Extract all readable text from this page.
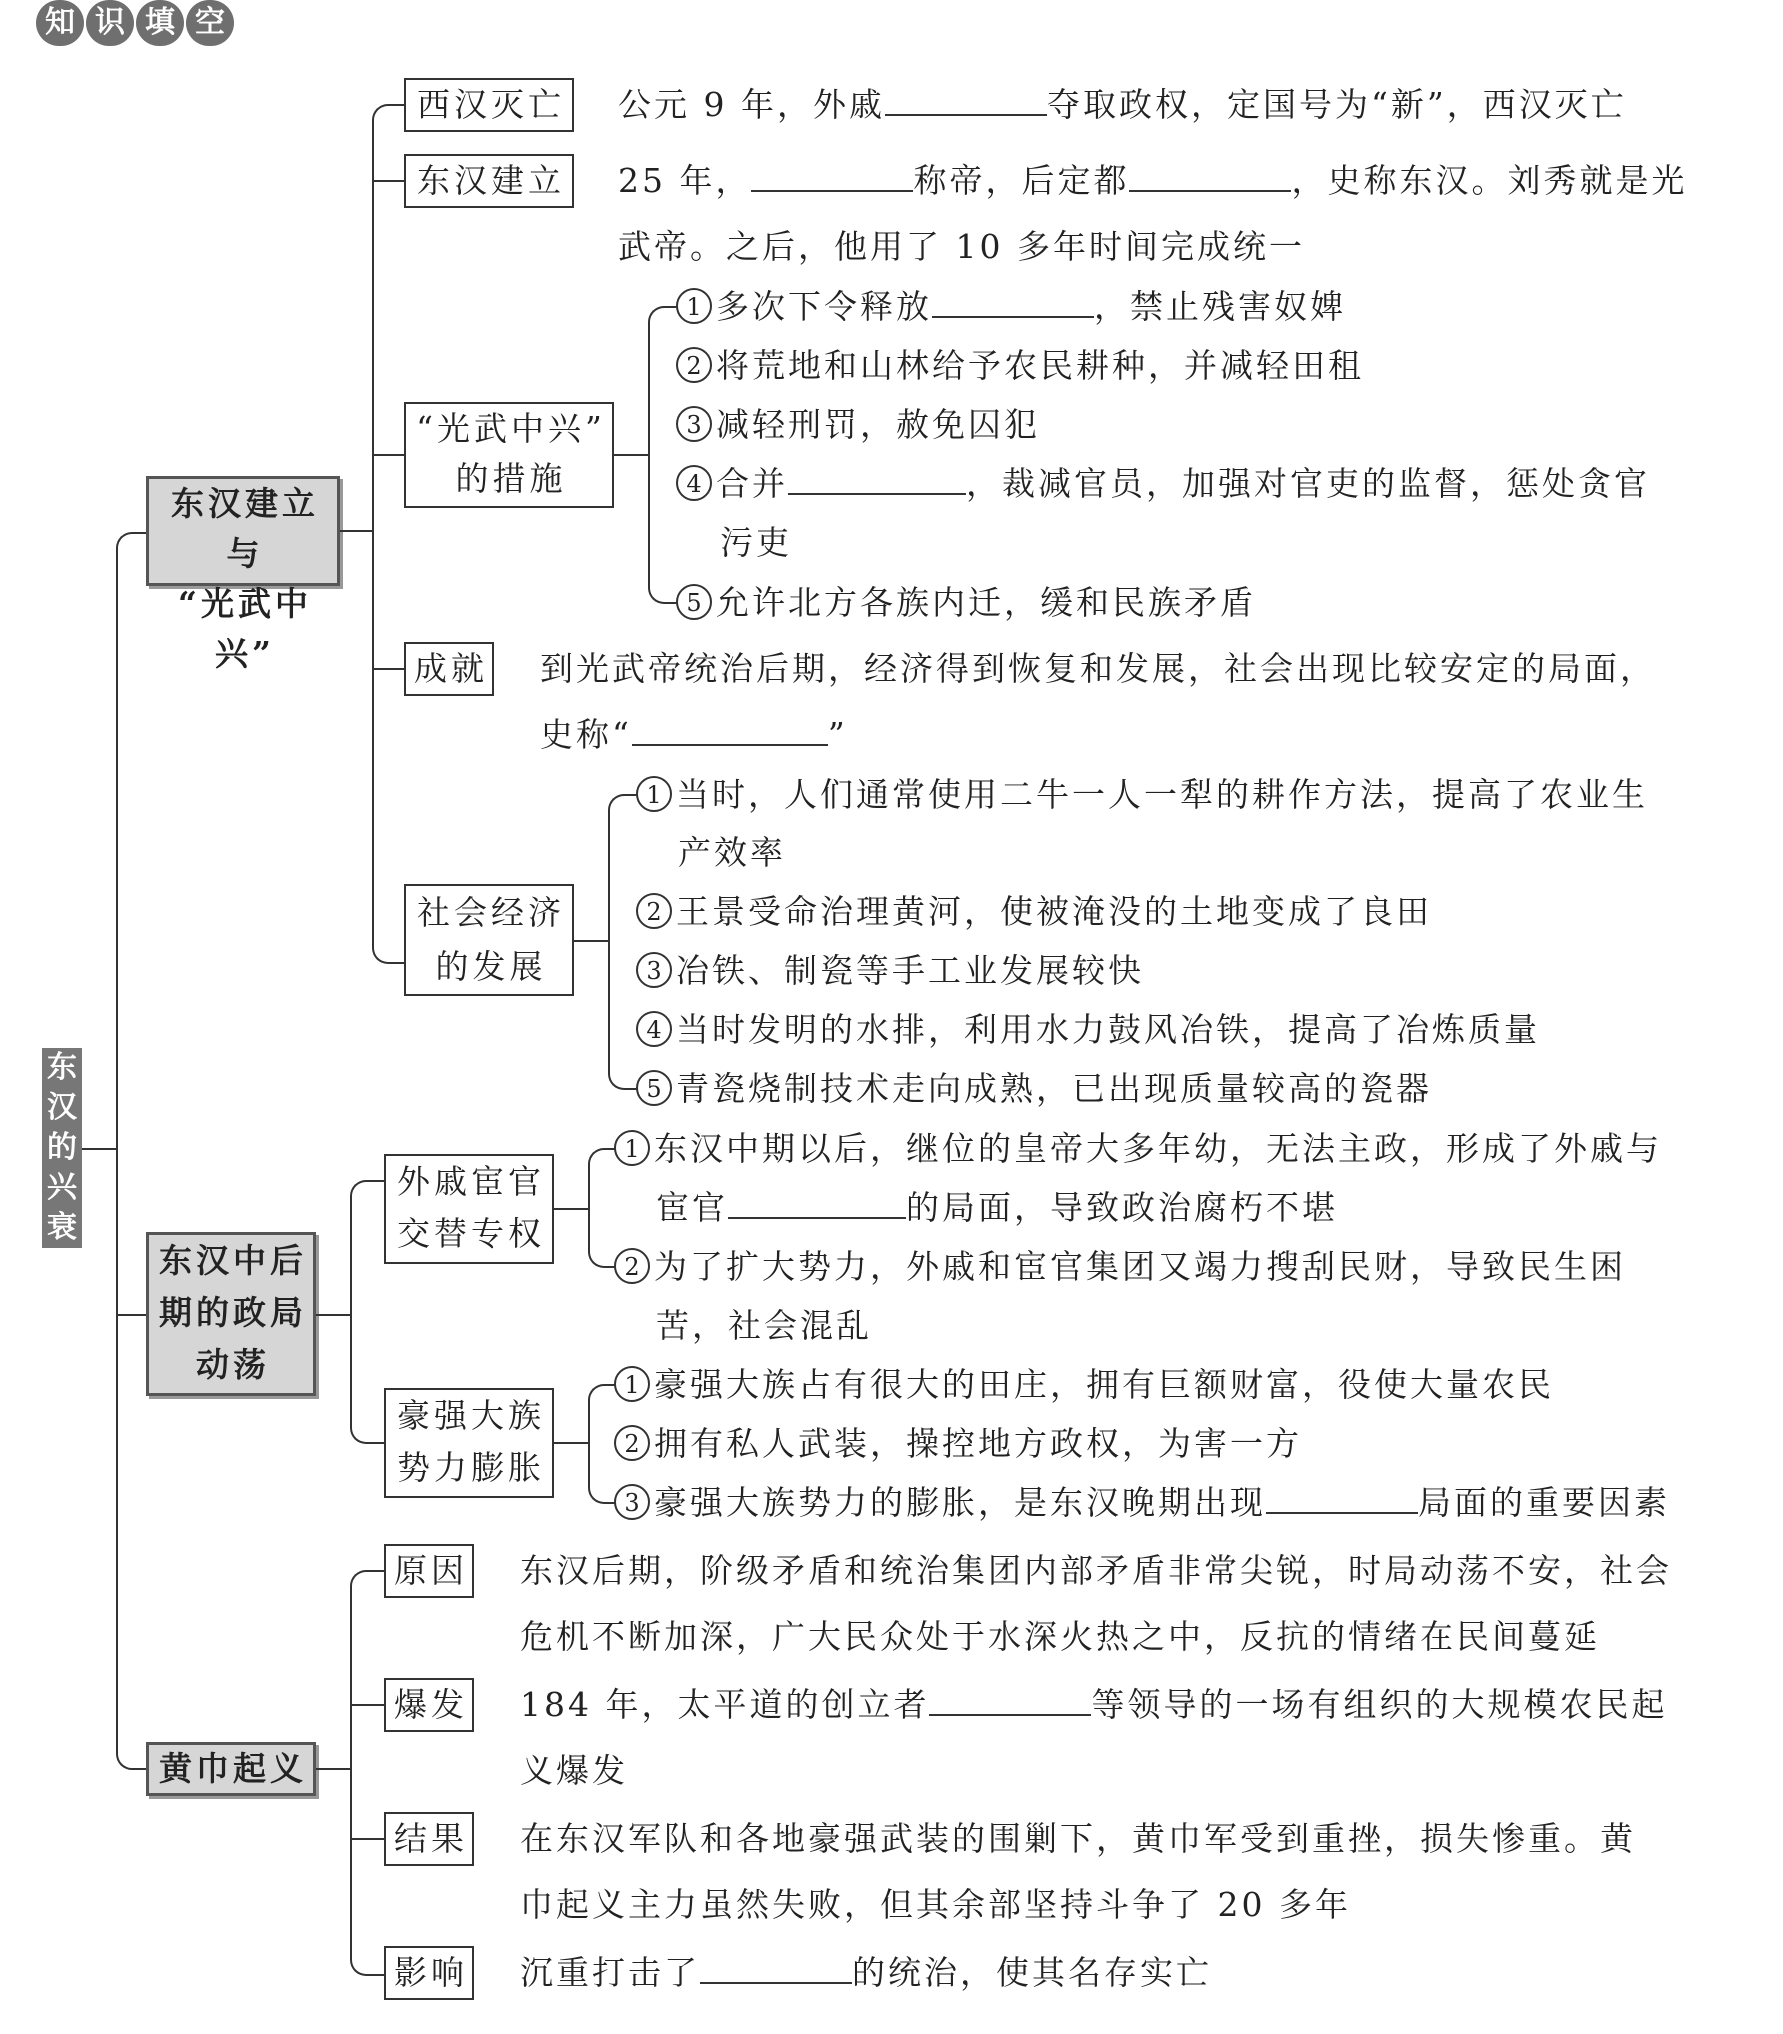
知 识 填 空
东
汉
的
兴
衰
东汉建立与
“光武中兴”
西汉灭亡 公元 9 年，外戚	夺取政权，定国号为“新”，西汉灭亡
东汉建立 25 年，	称帝，后定都	，史称东汉。刘秀就是光
武帝。之后，他用了 10 多年时间完成统一
“光武中兴”
的措施
1 多次下令释放	，禁止残害奴婢
2 将荒地和山林给予农民耕种，并减轻田租
3 减轻刑罚，赦免囚犯
4 合并	，裁减官员，加强对官吏的监督，惩处贪官
污吏
5 允许北方各族内迁，缓和民族矛盾
成就 到光武帝统治后期，经济得到恢复和发展，社会出现比较安定的局面，
史称“	”
社会经济
的发展
1 当时，人们通常使用二牛一人一犁的耕作方法，提高了农业生
产效率
2 王景受命治理黄河，使被淹没的土地变成了良田
3 冶铁、制瓷等手工业发展较快
4 当时发明的水排，利用水力鼓风冶铁，提高了冶炼质量
5 青瓷烧制技术走向成熟，已出现质量较高的瓷器
东汉中后
期的政局
动荡
外戚宦官
交替专权
1 东汉中期以后，继位的皇帝大多年幼，无法主政，形成了外戚与
宦官	的局面，导致政治腐朽不堪
2 为了扩大势力，外戚和宦官集团又竭力搜刮民财，导致民生困
苦，社会混乱
豪强大族
势力膨胀
1 豪强大族占有很大的田庄，拥有巨额财富，役使大量农民
2 拥有私人武装，操控地方政权，为害一方
3 豪强大族势力的膨胀，是东汉晚期出现	局面的重要因素
黄巾起义
原因 东汉后期，阶级矛盾和统治集团内部矛盾非常尖锐，时局动荡不安，社会
危机不断加深，广大民众处于水深火热之中，反抗的情绪在民间蔓延
爆发 184 年，太平道的创立者	等领导的一场有组织的大规模农民起
义爆发
结果 在东汉军队和各地豪强武装的围剿下，黄巾军受到重挫，损失惨重。黄
巾起义主力虽然失败，但其余部坚持斗争了 20 多年
影响 沉重打击了	的统治，使其名存实亡
